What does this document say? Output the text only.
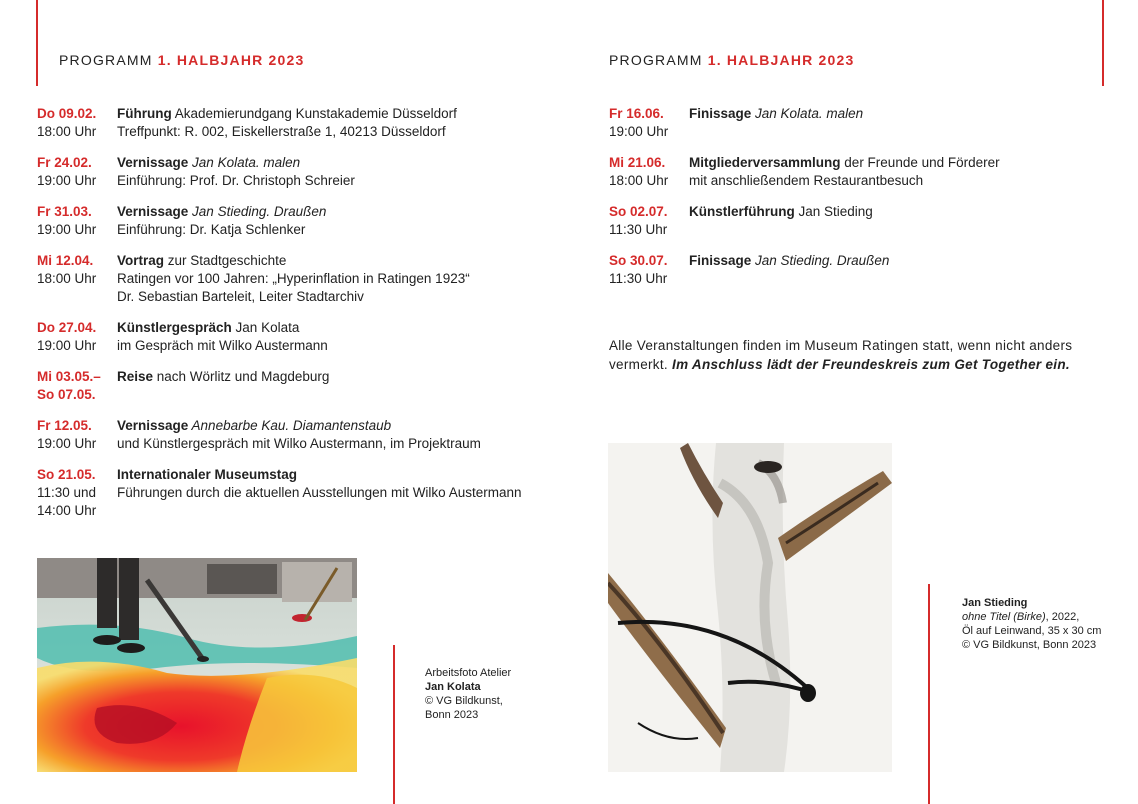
PROGRAMM 1. HALBJAHR 2023
Do 09.02.
18:00 Uhr
Führung Akademierundgang Kunstakademie Düsseldorf
Treffpunkt: R. 002, Eiskellerstraße 1, 40213 Düsseldorf
Fr 24.02.
19:00 Uhr
Vernissage Jan Kolata. malen
Einführung: Prof. Dr. Christoph Schreier
Fr 31.03.
19:00 Uhr
Vernissage Jan Stieding. Draußen
Einführung: Dr. Katja Schlenker
Mi 12.04.
18:00 Uhr
Vortrag zur Stadtgeschichte
Ratingen vor 100 Jahren: „Hyperinflation in Ratingen 1923“
Dr. Sebastian Barteleit, Leiter Stadtarchiv
Do 27.04.
19:00 Uhr
Künstlergespräch Jan Kolata
im Gespräch mit Wilko Austermann
Mi 03.05.–
So 07.05.
Reise nach Wörlitz und Magdeburg
Fr 12.05.
19:00 Uhr
Vernissage Annebarbe Kau. Diamantenstaub
und Künstlergespräch mit Wilko Austermann, im Projektraum
So 21.05.
11:30 und
14:00 Uhr
Internationaler Museumstag
Führungen durch die aktuellen Ausstellungen mit Wilko Austermann
Arbeitsfoto Atelier
Jan Kolata
© VG Bildkunst,
Bonn 2023
PROGRAMM 1. HALBJAHR 2023
Fr 16.06.
19:00 Uhr
Finissage Jan Kolata. malen
Mi 21.06.
18:00 Uhr
Mitgliederversammlung der Freunde und Förderer
mit anschließendem Restaurantbesuch
So 02.07.
11:30 Uhr
Künstlerführung Jan Stieding
So 30.07.
11:30 Uhr
Finissage Jan Stieding. Draußen
Alle Veranstaltungen finden im Museum Ratingen statt, wenn nicht anders vermerkt. Im Anschluss lädt der Freundeskreis zum Get Together ein.
Jan Stieding
ohne Titel (Birke), 2022,
Öl auf Leinwand, 35 x 30 cm
© VG Bildkunst, Bonn 2023
